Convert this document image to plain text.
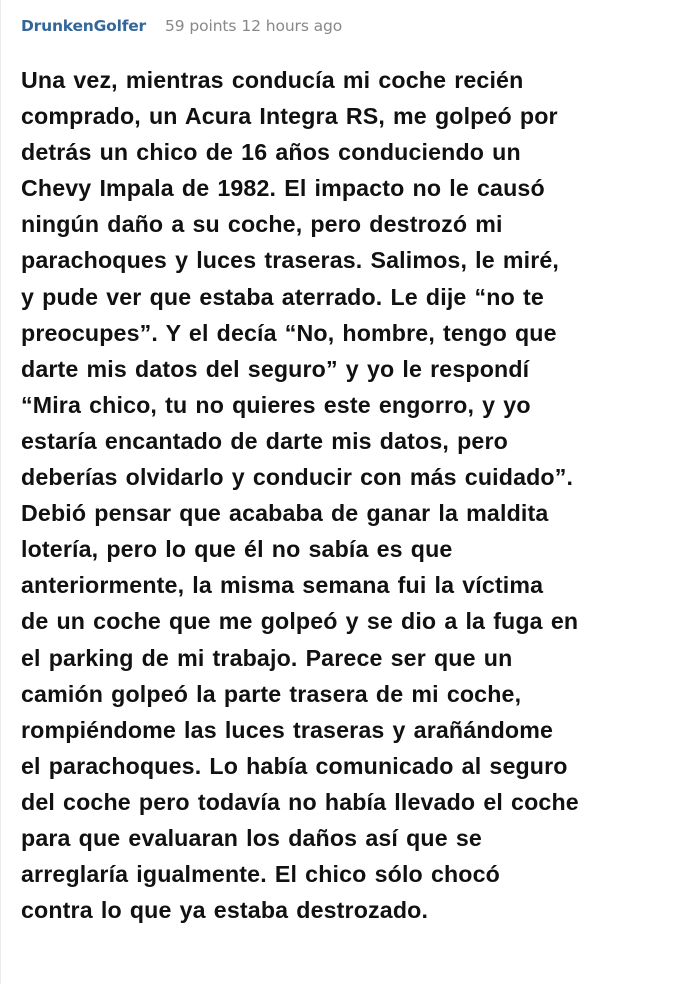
DrunkenGolfer 59 points 12 hours ago
Una vez, mientras conducía mi coche recién
comprado, un Acura Integra RS, me golpeó por
detrás un chico de 16 años conduciendo un
Chevy Impala de 1982. El impacto no le causó
ningún daño a su coche, pero destrozó mi
parachoques y luces traseras. Salimos, le miré,
y pude ver que estaba aterrado. Le dije “no te
preocupes”. Y el decía “No, hombre, tengo que
darte mis datos del seguro” y yo le respondí
“Mira chico, tu no quieres este engorro, y yo
estaría encantado de darte mis datos, pero
deberías olvidarlo y conducir con más cuidado”.
Debió pensar que acababa de ganar la maldita
lotería, pero lo que él no sabía es que
anteriormente, la misma semana fui la víctima
de un coche que me golpeó y se dio a la fuga en
el parking de mi trabajo. Parece ser que un
camión golpeó la parte trasera de mi coche,
rompiéndome las luces traseras y arañándome
el parachoques. Lo había comunicado al seguro
del coche pero todavía no había llevado el coche
para que evaluaran los daños así que se
arreglaría igualmente. El chico sólo chocó
contra lo que ya estaba destrozado.
